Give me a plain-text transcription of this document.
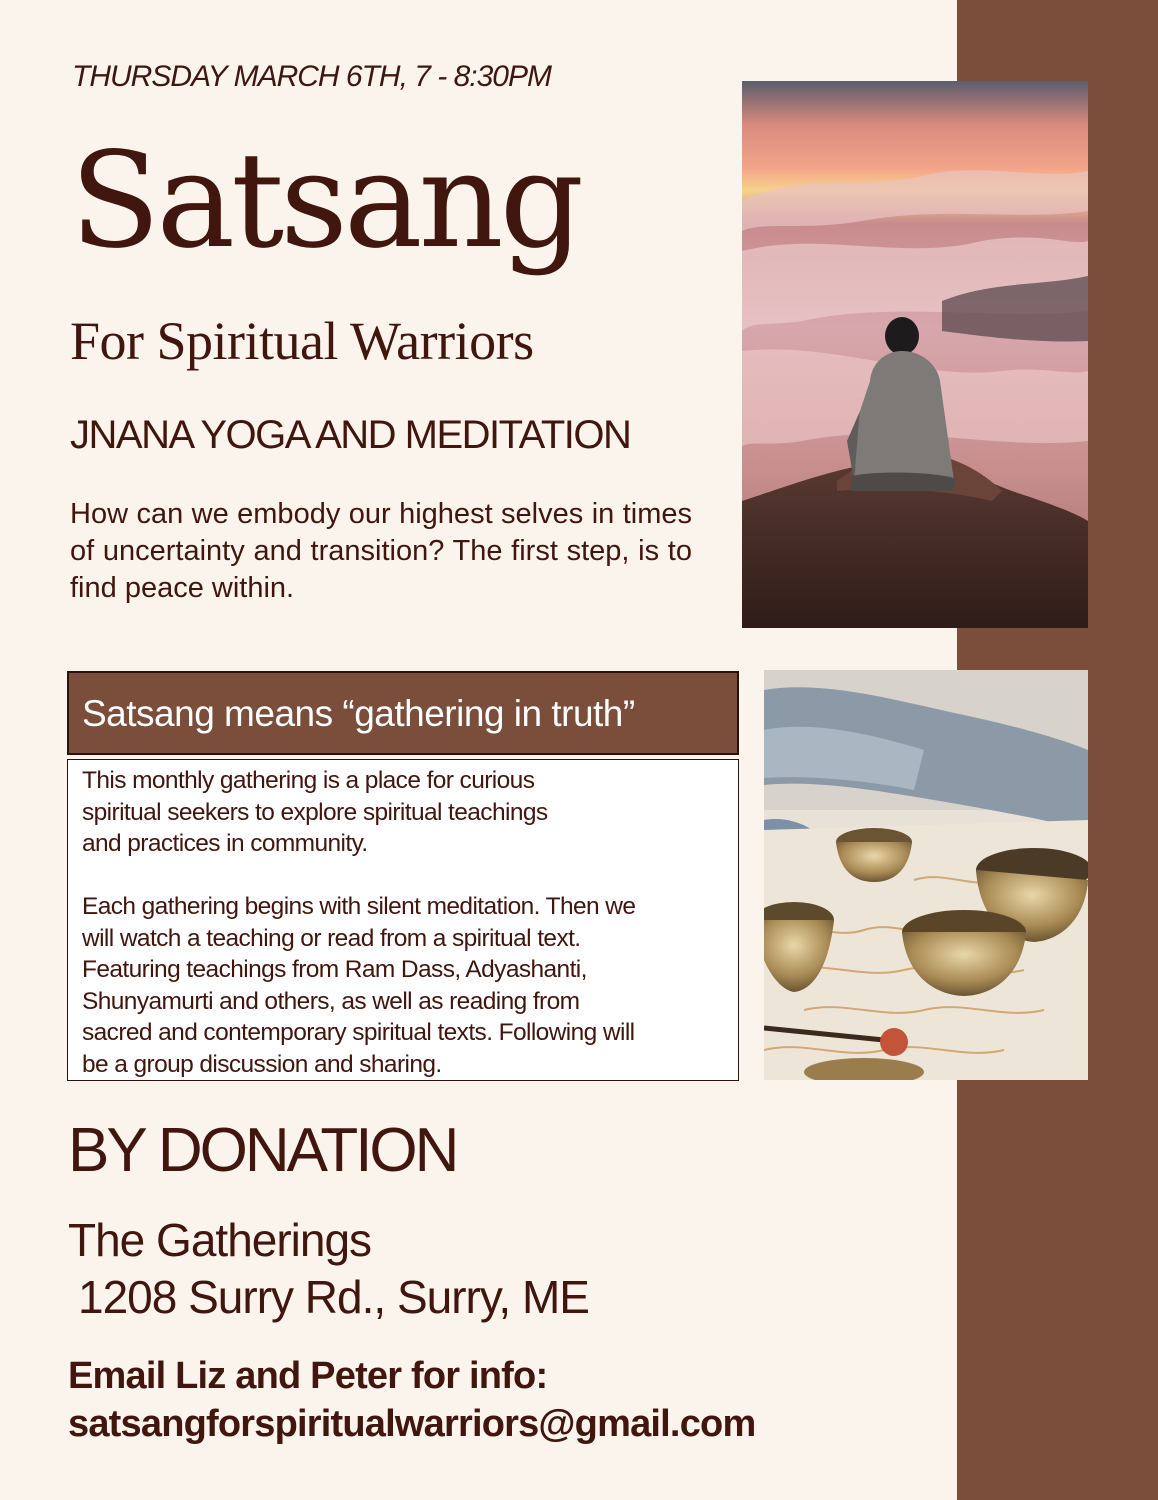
THURSDAY MARCH 6TH, 7 - 8:30PM
Satsang
For Spiritual Warriors
JNANA YOGA AND MEDITATION
How can we embody our highest selves in times of uncertainty and transition? The first step, is to find peace within.
Satsang means “gathering in truth”

This monthly gathering is a place for curious
spiritual seekers to explore spiritual teachings
and practices in community.

Each gathering begins with silent meditation. Then we
will watch a teaching or read from a spiritual text.
Featuring teachings from Ram Dass, Adyashanti,
Shunyamurti and others, as well as reading from
sacred and contemporary spiritual texts. Following will
be a group discussion and sharing.

BY DONATION
The Gatherings
1208 Surry Rd., Surry, ME
Email Liz and Peter for info:
satsangforspiritualwarriors@gmail.com
